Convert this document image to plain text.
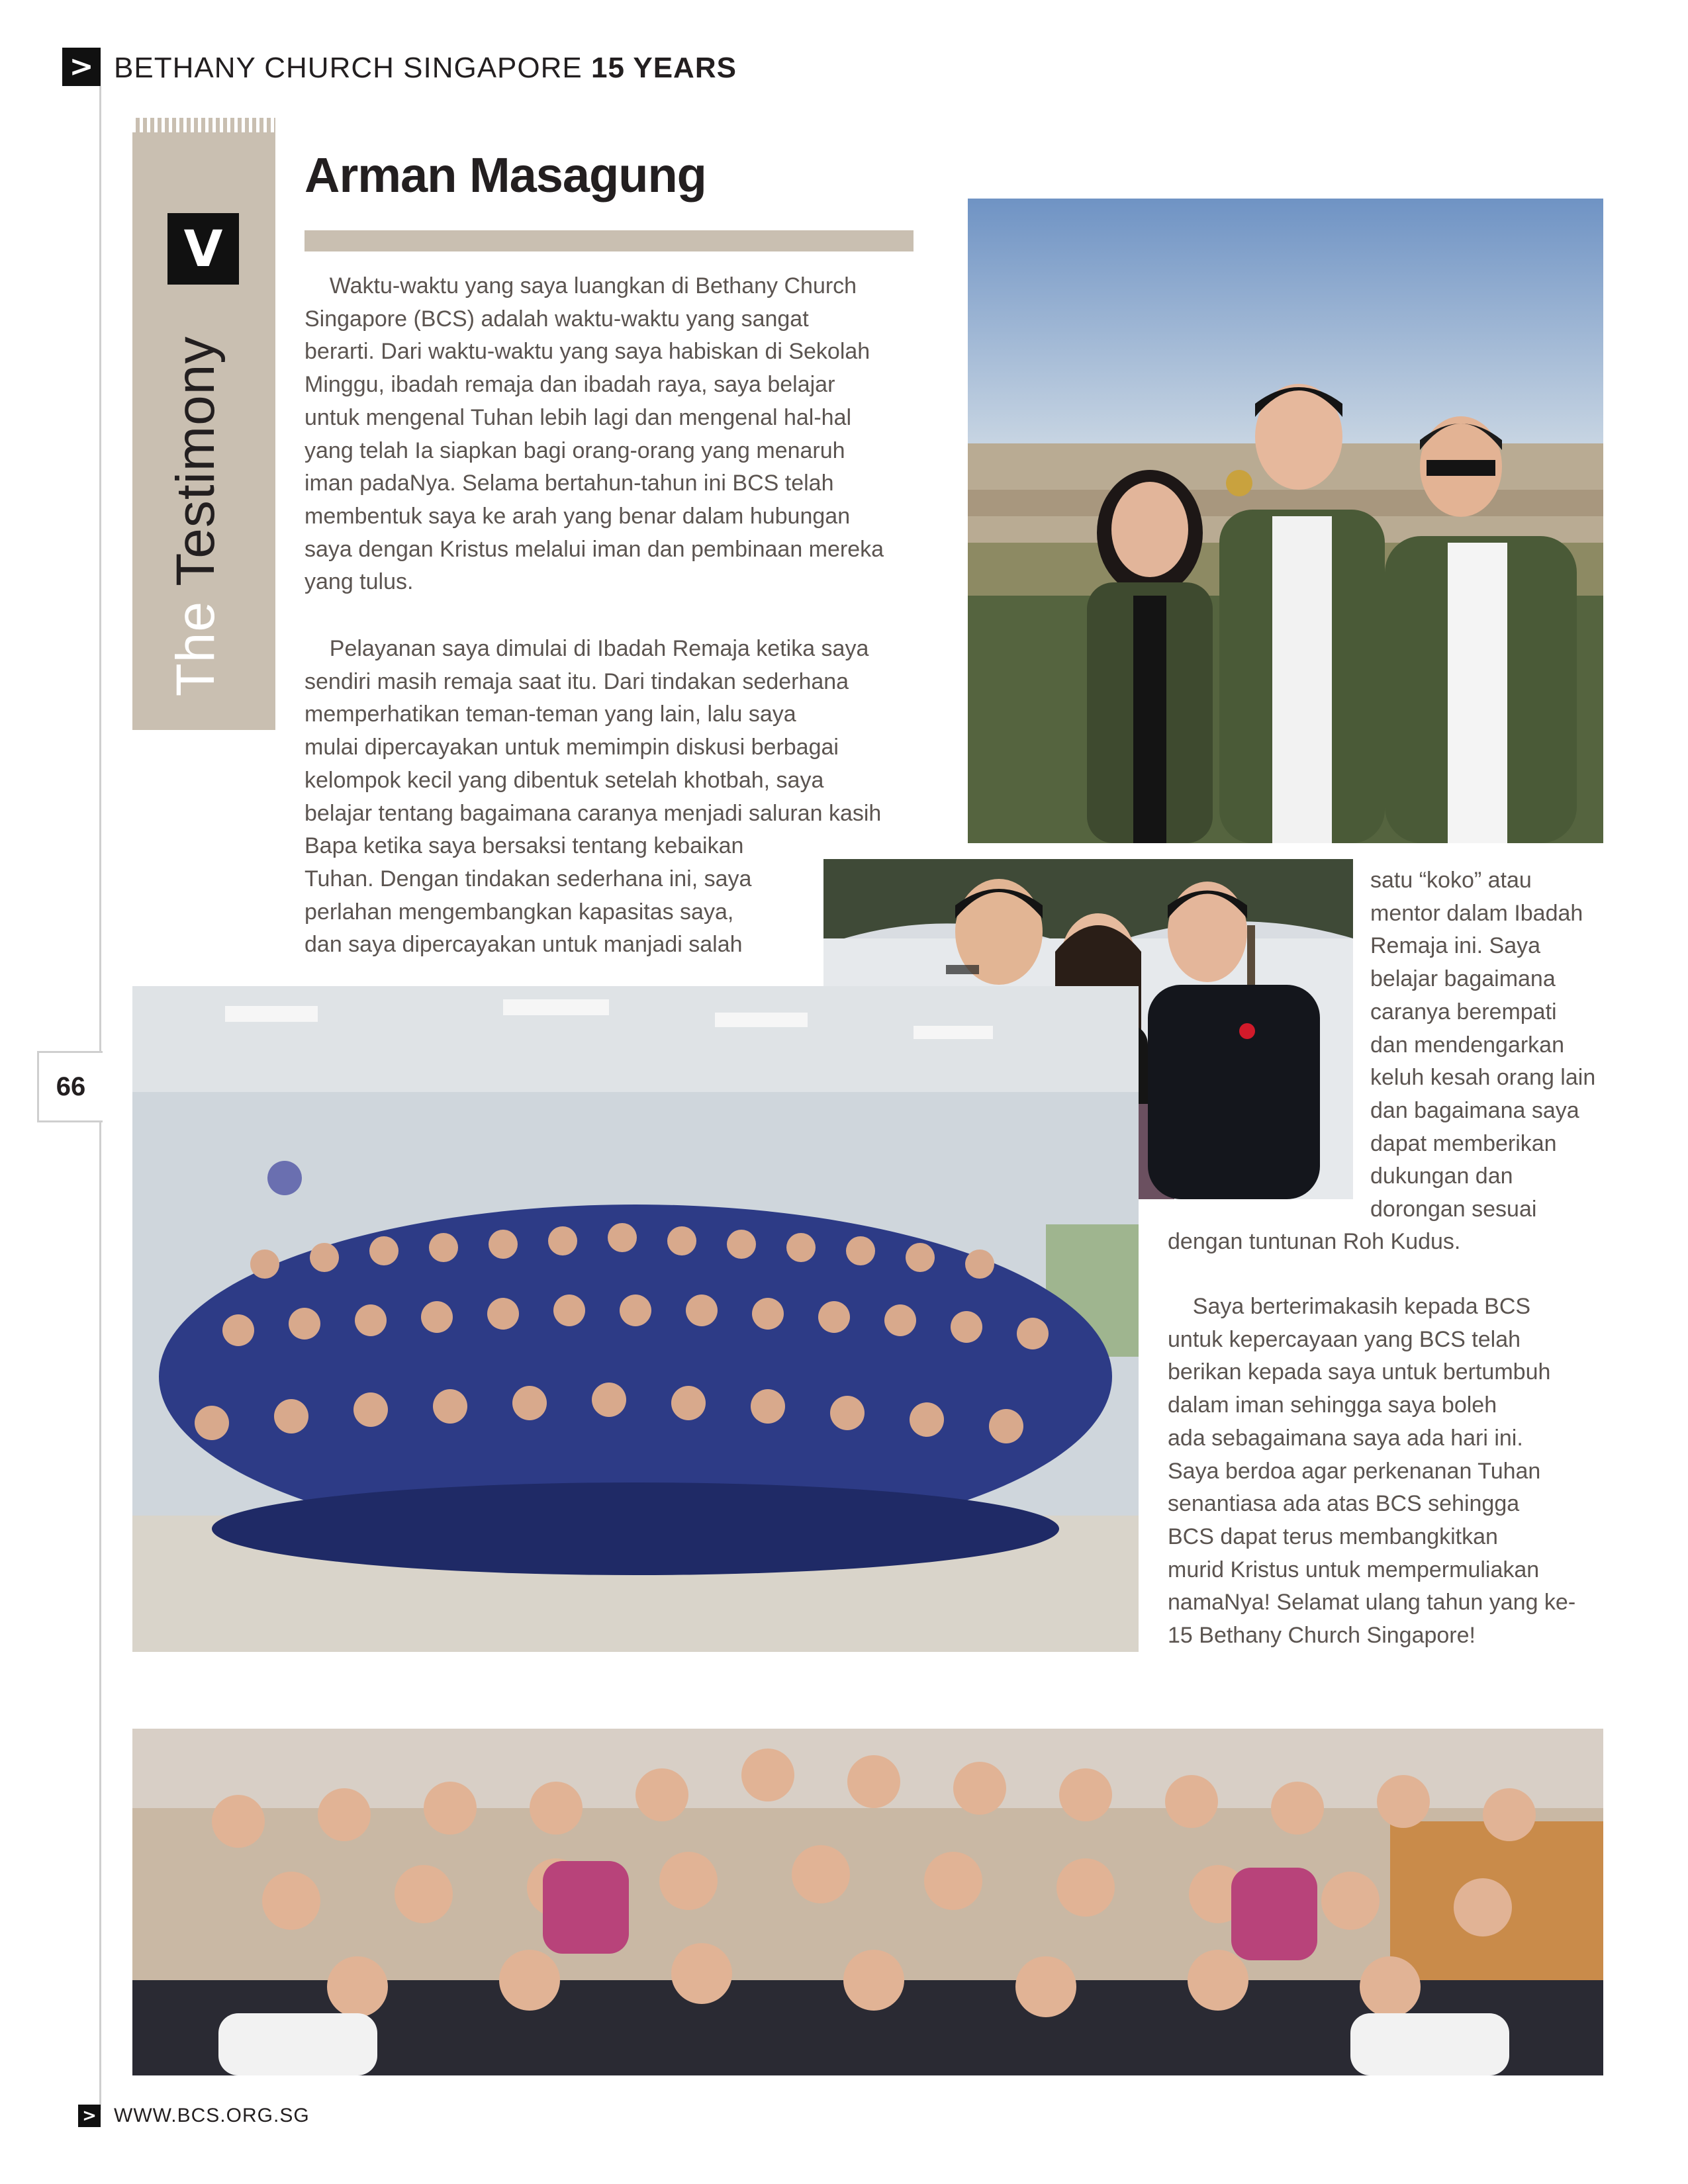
> BETHANY CHURCH SINGAPORE 15 YEARS
66
V
The Testimony
Arman Masagung
Waktu-waktu yang saya luangkan di Bethany Church
Singapore (BCS) adalah waktu-waktu yang sangat
berarti. Dari waktu-waktu yang saya habiskan di Sekolah
Minggu, ibadah remaja dan ibadah raya, saya belajar
untuk mengenal Tuhan lebih lagi dan mengenal hal-hal
yang telah Ia siapkan bagi orang-orang yang menaruh
iman padaNya. Selama bertahun-tahun ini BCS telah
membentuk saya ke arah yang benar dalam hubungan
saya dengan Kristus melalui iman dan pembinaan mereka
yang tulus.
Pelayanan saya dimulai di Ibadah Remaja ketika saya
sendiri masih remaja saat itu. Dari tindakan sederhana
memperhatikan teman-teman yang lain, lalu saya
mulai dipercayakan untuk memimpin diskusi berbagai
kelompok kecil yang dibentuk setelah khotbah, saya
belajar tentang bagaimana caranya menjadi saluran kasih
Bapa ketika saya bersaksi tentang kebaikan
Tuhan. Dengan tindakan sederhana ini, saya
perlahan mengembangkan kapasitas saya,
dan saya dipercayakan untuk manjadi salah
satu “koko” atau
mentor dalam Ibadah
Remaja ini. Saya
belajar bagaimana
caranya berempati
dan mendengarkan
keluh kesah orang lain
dan bagaimana saya
dapat memberikan
dukungan dan
dorongan sesuai
dengan tuntunan Roh Kudus.
Saya berterimakasih kepada BCS
untuk kepercayaan yang BCS telah
berikan kepada saya untuk bertumbuh
dalam iman sehingga saya boleh
ada sebagaimana saya ada hari ini.
Saya berdoa agar perkenanan Tuhan
senantiasa ada atas BCS sehingga
BCS dapat terus membangkitkan
murid Kristus untuk mempermuliakan
namaNya! Selamat ulang tahun yang ke-
15 Bethany Church Singapore!
> WWW.BCS.ORG.SG
